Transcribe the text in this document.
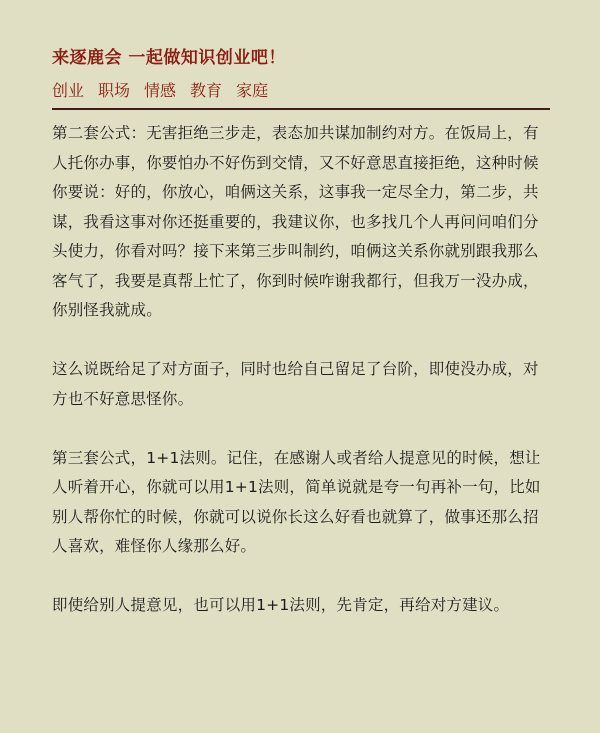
来逐鹿会 一起做知识创业吧！
创业 职场 情感 教育 家庭

第二套公式：无害拒绝三步走，表态加共谋加制约对方。在饭局上，有人托你办事，你要怕办不好伤到交情，又不好意思直接拒绝，这种时候你要说：好的，你放心，咱俩这关系，这事我一定尽全力，第二步，共谋，我看这事对你还挺重要的，我建议你，也多找几个人再问问咱们分头使力，你看对吗？接下来第三步叫制约，咱俩这关系你就别跟我那么客气了，我要是真帮上忙了，你到时候咋谢我都行，但我万一没办成，你别怪我就成。

这么说既给足了对方面子，同时也给自己留足了台阶，即使没办成，对方也不好意思怪你。

第三套公式，1+1法则。记住，在感谢人或者给人提意见的时候，想让人听着开心，你就可以用1+1法则，简单说就是夸一句再补一句，比如别人帮你忙的时候，你就可以说你长这么好看也就算了，做事还那么招人喜欢，难怪你人缘那么好。

即使给别人提意见，也可以用1+1法则，先肯定，再给对方建议。
